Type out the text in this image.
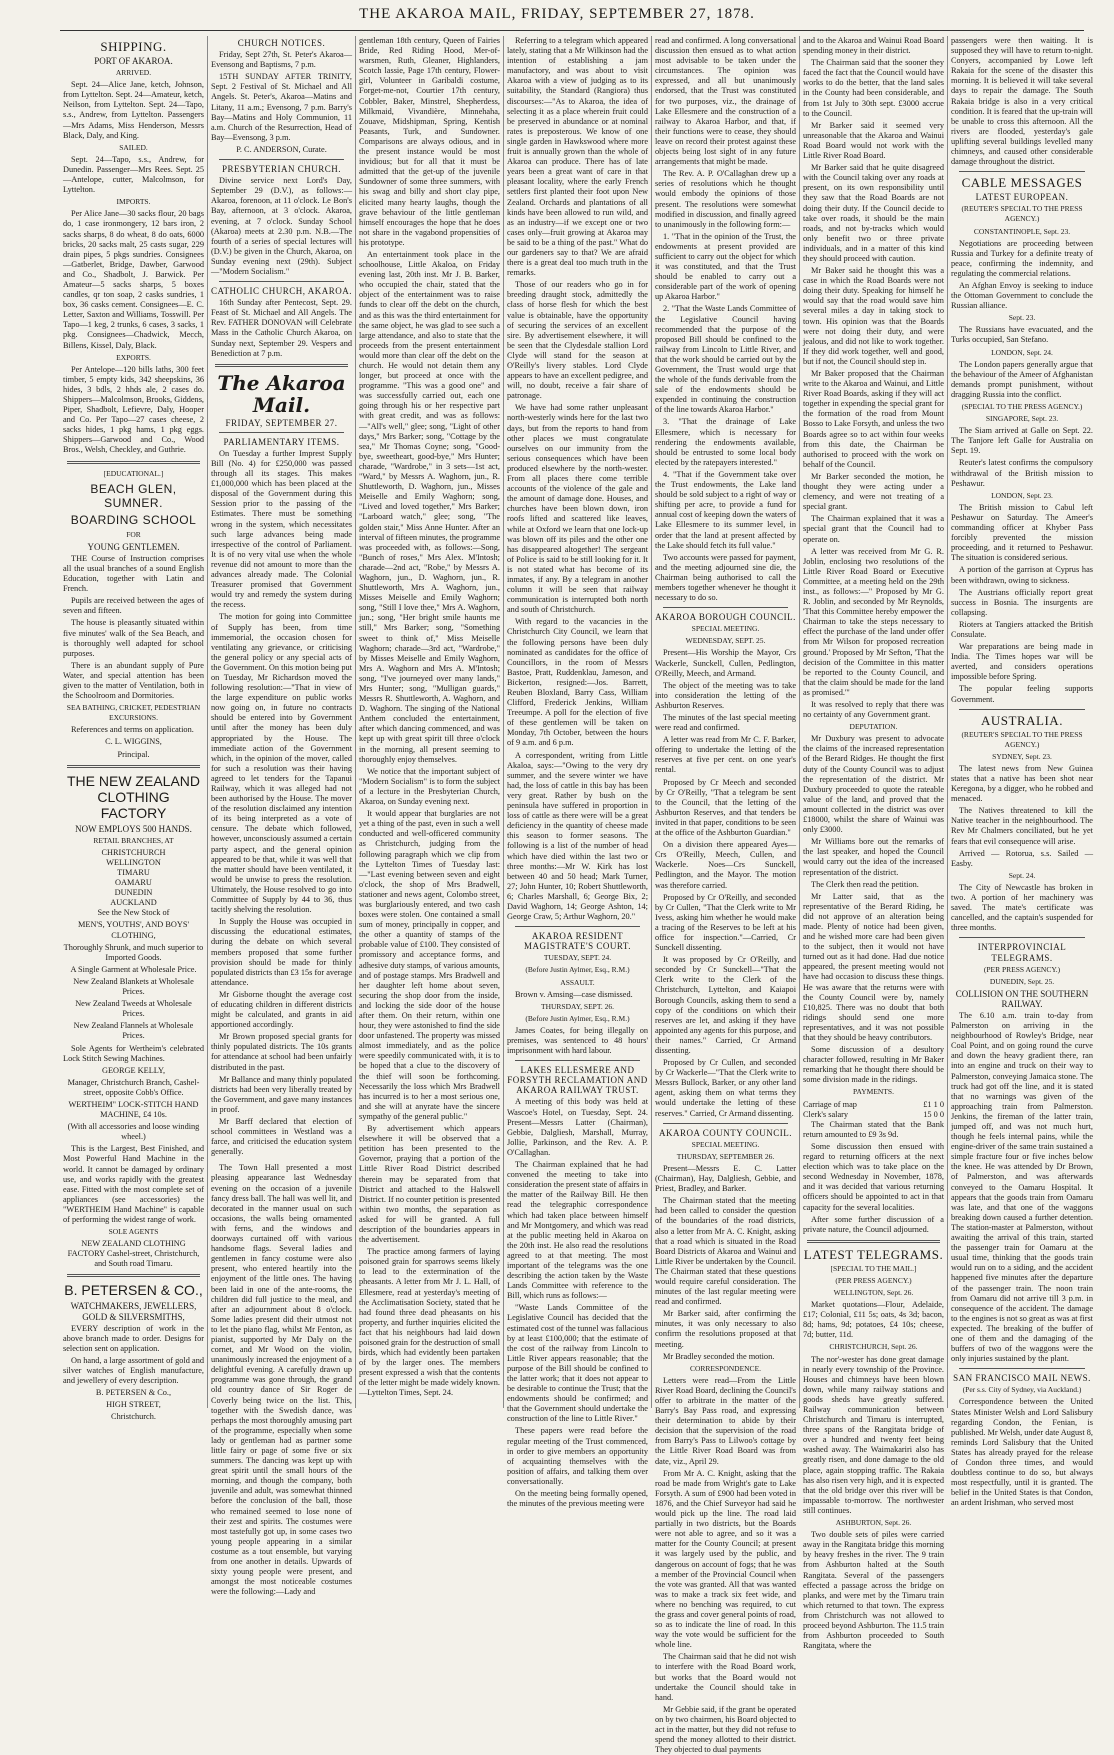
THE AKAROA MAIL, FRIDAY, SEPTEMBER 27, 1878.
SHIPPING.
PORT OF AKAROA.
ARRIVED.

Sept. 24—Alice Jane, ketch, Johnson, from Lyttelton. Sept. 24—Amateur, ketch, Neilson, from Lyttelton. Sept. 24—Tapo, s.s., Andrew, from Lyttelton. Passengers—Mrs Adams, Miss Henderson, Messrs Black, Daly, and King.

SAILED.

Sept. 24—Tapo, s.s., Andrew, for Dunedin. Passenger—Mrs Rees. Sept. 25—Antelope, cutter, Malcolmson, for Lyttelton.

IMPORTS.

Per Alice Jane—30 sacks flour, 20 bags do, 1 case ironmongery, 12 bars iron, 2 sacks sharps, 8 do wheat, 8 do oats, 6000 bricks, 20 sacks malt, 25 casts sugar, 229 drain pipes, 5 pkgs sundries. Consignees—Gatberlet, Bridge, Dawber, Garwood and Co., Shadbolt, J. Barwick. Per Amateur—5 sacks sharps, 5 boxes candles, qr ton soap, 2 casks sundries, 1 box, 36 casks cement. Consignees—E. C. Letter, Saxton and Williams, Tosswill. Per Tapo—1 keg, 2 trunks, 6 cases, 3 sacks, 1 pkg. Consignees—Chadwick, Mecch, Billens, Kissel, Daly, Black.

EXPORTS.

Per Antelope—120 bills laths, 300 feet timber, 5 empty kids, 342 sheepskins, 36 hides, 3 bdls, 2 hhds ale, 2 cases do. Shippers—Malcolmson, Brooks, Giddens, Piper, Shadbolt, Lefievre, Daly, Hooper and Co. Per Tapo—27 cases cheese, 2 sacks hides, 1 pkg hams, 1 pkg eggs. Shippers—Garwood and Co., Wood Bros., Welsh, Checkley, and Guthrie.

[EDUCATIONAL.]
BEACH GLEN, SUMNER.
BOARDING SCHOOL
FOR
YOUNG GENTLEMEN.

THE Course of Instruction comprises all the usual branches of a sound English Education, together with Latin and French.

Pupils are received between the ages of seven and fifteen.

The house is pleasantly situated within five minutes' walk of the Sea Beach, and is thoroughly well adapted for school purposes.

There is an abundant supply of Pure Water, and special attention has been given to the matter of Ventilation, both in the Schoolroom and Dormitories.

SEA BATHING, CRICKET, PEDESTRIAN EXCURSIONS.

References and terms on application.

C. L. WIGGINS,

Principal.

THE NEW ZEALAND CLOTHING FACTORY
NOW EMPLOYS 500 HANDS.
RETAIL BRANCHES, AT
CHRISTCHURCH
WELLINGTON
TIMARU
OAMARU
DUNEDIN
AUCKLAND

See the New Stock of

MEN'S, YOUTHS', AND BOYS' CLOTHING,

Thoroughly Shrunk, and much superior to Imported Goods.

A Single Garment at Wholesale Price.

New Zealand Blankets at Wholesale Prices.

New Zealand Tweeds at Wholesale Prices.

New Zealand Flannels at Wholesale Prices.

Sole Agents for Wertheim's celebrated Lock Stitch Sewing Machines.

GEORGE KELLY,

Manager, Christchurch Branch, Cashel-street, opposite Cobb's Office.

WERTHEIM" LOCK-STITCH HAND MACHINE, £4 10s.

(With all accessories and loose winding wheel.)

This is the Largest, Best Finished, and Most Powerful Hand Machine in the world. It cannot be damaged by ordinary use, and works rapidly with the greatest ease. Fitted with the most complete set of appliances (see accessories) the "WERTHEIM Hand Machine" is capable of performing the widest range of work.

SOLE AGENTS

NEW ZEALAND CLOTHING FACTORY Cashel-street, Christchurch, and South road Timaru.

B. PETERSEN & CO.,
WATCHMAKERS, JEWELLERS, GOLD & SILVERSMITHS,

EVERY description of work in the above branch made to order. Designs for selection sent on application.

On hand, a large assortment of gold and silver watches of English manufacture, and jewellery of every description.

B. PETERSEN & Co.,

HIGH STREET,

Christchurch.

CHURCH NOTICES.

Friday, Sept 27th, St. Peter's Akaroa—Evensong and Baptisms, 7 p.m.

15TH SUNDAY AFTER TRINITY, Sept. 2 Festival of St. Michael and All Angels. St. Peter's, Akaroa—Matins and Litany, 11 a.m.; Evensong, 7 p.m. Barry's Bay—Matins and Holy Communion, 11 a.m. Church of the Resurrection, Head of Bay—Evensong, 3 p.m.

P. C. ANDERSON, Curate.

PRESBYTERIAN CHURCH.

Divine service next Lord's Day, September 29 (D.V.), as follows:—Akaroa, forenoon, at 11 o'clock. Le Bon's Bay, afternoon, at 3 o'clock. Akaroa, evening, at 7 o'clock. Sunday School (Akaroa) meets at 2.30 p.m. N.B.—The fourth of a series of special lectures will (D.V.) be given in the Church, Akaroa, on Sunday evening next (29th). Subject—"Modern Socialism."

CATHOLIC CHURCH, AKAROA.

16th Sunday after Pentecost, Sept. 29. Feast of St. Michael and All Angels. The Rev. FATHER DONOVAN will Celebrate Mass in the Catholic Church Akaroa, on Sunday next, September 29. Vespers and Benediction at 7 p.m.

The Akaroa Mail.
FRIDAY, SEPTEMBER 27.
PARLIAMENTARY ITEMS.

On Tuesday a further Imprest Supply Bill (No. 4) for £250,000 was passed through all its stages. This makes £1,000,000 which has been placed at the disposal of the Government during this Session prior to the passing of the Estimates. There must be something wrong in the system, which necessitates such large advances being made irrespective of the control of Parliament. It is of no very vital use when the whole revenue did not amount to more than the advances already made. The Colonial Treasurer promised that Government would try and remedy the system during the recess.

The motion for going into Committee of Supply has been, from time immemorial, the occasion chosen for ventilating any grievance, or criticising the general policy or any special acts of the Government. On this motion being put on Tuesday, Mr Richardson moved the following resolution:—"That in view of the large expenditure on public works now going on, in future no contracts should be entered into by Government until after the money has been duly appropriated by the House. The immediate action of the Government which, in the opinion of the mover, called for such a resolution was their having agreed to let tenders for the Tapanui Railway, which it was alleged had not been authorised by the House. The mover of the resolution disclaimed any intention of its being interpreted as a vote of censure. The debate which followed, however, unconsciously assumed a certain party aspect, and the general opinion appeared to be that, while it was well that the matter should have been ventilated, it would be unwise to press the resolution. Ultimately, the House resolved to go into Committee of Supply by 44 to 36, thus tacitly shelving the resolution.

In Supply the House was occupied in discussing the educational estimates, during the debate on which several members proposed that some further provision should be made for thinly populated districts than £3 15s for average attendance.

Mr Gisborne thought the average cost of educating children in different districts might be calculated, and grants in aid apportioned accordingly.

Mr Brown proposed special grants for thinly populated districts. The 10s grants for attendance at school had been unfairly distributed in the past.

Mr Ballance and many thinly populated districts had been very liberally treated by the Government, and gave many instances in proof.

Mr Barff declared that election of school committees in Westland was a farce, and criticised the education system generally.

The Town Hall presented a most pleasing appearance last Wednesday evening on the occasion of a juvenile fancy dress ball. The hall was well lit, and decorated in the manner usual on such occasions, the walls being ornamented with ferns, and the windows and doorways curtained off with various handsome flags. Several ladies and gentlemen in fancy costume were also present, who entered heartily into the enjoyment of the little ones. The having been laid in one of the ante-rooms, the children did full justice to the meal, and after an adjournment about 8 o'clock. Some ladies present did their utmost not to let the piano flag, whilst Mr Fenton, as pianist, supported by Mr Daly on the cornet, and Mr Wood on the violin, unanimously increased the enjoyment of a delightful evening. A carefully drawn up programme was gone through, the grand old country dance of Sir Roger de Coverly being twice on the list. This, together with the Swedish dance, was perhaps the most thoroughly amusing part of the programme, especially when some lady or gentleman had as partner some little fairy or page of some five or six summers. The dancing was kept up with great spirit until the small hours of the morning, and though the company, both juvenile and adult, was somewhat thinned before the conclusion of the ball, those who remained seemed to lose none of their zest and spirits. The costumes were most tastefully got up, in some cases two young people appearing in a similar costume as a tout ensemble, but varying from one another in details. Upwards of sixty young people were present, and amongst the most noticeable costumes were the following:—Lady and

gentleman 18th century, Queen of Fairies Bride, Red Riding Hood, Mer-of-warsmen, Ruth, Gleaner, Highlanders, Scotch lassie, Page 17th century, Flower-girl, Volunteer in Garibaldi costume, Forget-me-not, Courtier 17th century, Cobbler, Baker, Minstrel, Shepherdess, Milkmaid, Vivandière, Minnehaha, Zouave, Midshipman, Spring, Kentish Peasants, Turk, and Sundowner. Comparisons are always odious, and in the present instance would be most invidious; but for all that it must be admitted that the get-up of the juvenile Sundowner of some three summers, with his swag and billy and short clay pipe, elicited many hearty laughs, though the grave behaviour of the little gentleman himself encourages the hope that he does not share in the vagabond propensities of his prototype.

An entertainment took place in the schoolhouse, Little Akaloa, on Friday evening last, 20th inst. Mr J. B. Barker, who occupied the chair, stated that the object of the entertainment was to raise funds to clear off the debt on the church, and as this was the third entertainment for the same object, he was glad to see such a large attendance, and also to state that the proceeds from the present entertainment would more than clear off the debt on the church. He would not detain them any longer, but proceed at once with the programme. "This was a good one" and was successfully carried out, each one going through his or her respective part with great credit, and was as follows:—"All's well," glee; song, "Light of other days," Mrs Barker; song, "Cottage by the sea," Mr Thomas Coyne; song, "Good-bye, sweetheart, good-bye," Mrs Hunter; charade, "Wardrobe," in 3 sets—1st act, "Ward," by Messrs A. Waghorn, jun., R. Shuttleworth, D. Waghorn, jun., Misses Meiselle and Emily Waghorn; song, "Lived and loved together," Mrs Barker; "Larboard watch," glee; song, "The golden stair," Miss Anne Hunter. After an interval of fifteen minutes, the programme was proceeded with, as follows:—Song, "Bunch of roses," Mrs Alex. M'Intosh; charade—2nd act, "Robe," by Messrs A. Waghorn, jun., D. Waghorn, jun., R. Shuttleworth, Mrs A. Waghorn, jun., Misses Meiselle and Emily Waghorn; song, "Still I love thee," Mrs A. Waghorn, jun.; song, "Her bright smile haunts me still," Mrs Barker; song, "Something sweet to think of," Miss Meiselle Waghorn; charade—3rd act, "Wardrobe," by Misses Meiselle and Emily Waghorn, Mrs A. Waghorn and Mrs A. M'Intosh; song, "I've journeyed over many lands," Mrs Hunter; song, "Mulligan guards," Messrs R. Shuttleworth, A. Waghorn, and D. Waghorn. The singing of the National Anthem concluded the entertainment, after which dancing commenced, and was kept up with great spirit till three o'clock in the morning, all present seeming to thoroughly enjoy themselves.

We notice that the important subject of "Modern Socialism" is to form the subject of a lecture in the Presbyterian Church, Akaroa, on Sunday evening next.

It would appear that burglaries are not yet a thing of the past, even in such a well conducted and well-officered community as Christchurch, judging from the following paragraph which we clip from the Lyttelton Times of Tuesday last:—"Last evening between seven and eight o'clock, the shop of Mrs Bradwell, stationer and news agent, Colombo street, was burglariously entered, and two cash boxes were stolen. One contained a small sum of money, principally in copper, and the other a quantity of stamps of the probable value of £100. They consisted of promissory and acceptance forms, and adhesive duty stamps, of various amounts, and of postage stamps. Mrs Bradwell and her daughter left home about seven, securing the shop door from the inside, and locking the side door of the house after them. On their return, within one hour, they were astonished to find the side door unfastened. The property was missed almost immediately, and as the police were speedily communicated with, it is to be hoped that a clue to the discovery of the thief will soon be forthcoming. Necessarily the loss which Mrs Bradwell has incurred is to her a most serious one, and she will at anyrate have the sincere sympathy of the general public."

By advertisement which appears elsewhere it will be observed that a petition has been presented to the Governor, praying that a portion of the Little River Road District described therein may be separated from that District and attached to the Halswell District. If no counter petition is presented within two months, the separation as asked for will be granted. A full description of the boundaries appears in the advertisement.

The practice among farmers of laying poisoned grain for sparrows seems likely to lead to the extermination of the pheasants. A letter from Mr J. L. Hall, of Ellesmere, read at yesterday's meeting of the Acclimatisation Society, stated that he had found three dead pheasants on his property, and further inquiries elicited the fact that his neighbours had laid down poisoned grain for the destruction of small birds, which had evidently been partaken of by the larger ones. The members present expressed a wish that the contents of the letter might be made widely known.—Lyttelton Times, Sept. 24.

Referring to a telegram which appeared lately, stating that a Mr Wilkinson had the intention of establishing a jam manufactory, and was about to visit Akaroa with a view of judging as to its suitability, the Standard (Rangiora) thus discourses:—"As to Akaroa, the idea of selecting it as a place wherein fruit could be preserved in abundance or at nominal rates is preposterous. We know of one single garden in Hawkswood where more fruit is annually grown than the whole of Akaroa can produce. There has of late years been a great want of care in that pleasant locality, where the early French settlers first planted their foot upon New Zealand. Orchards and plantations of all kinds have been allowed to run wild, and as an industry—if we except one or two cases only—fruit growing at Akaroa may be said to be a thing of the past." What do our gardeners say to that? We are afraid there is a great deal too much truth in the remarks.

Those of our readers who go in for breeding draught stock, admittedly the class of horse flesh for which the best value is obtainable, have the opportunity of securing the services of an excellent sire. By advertisement elsewhere, it will be seen that the Clydesdale stallion Lord Clyde will stand for the season at O'Reilly's livery stables. Lord Clyde appears to have an excellent pedigree, and will, no doubt, receive a fair share of patronage.

We have had some rather unpleasant north-westerly winds here for the last two days, but from the reports to hand from other places we must congratulate ourselves on our immunity from the serious consequences which have been produced elsewhere by the north-wester. From all places there come terrible accounts of the violence of the gale and the amount of damage done. Houses, and churches have been blown down, iron roofs lifted and scattered like leaves, while at Oxford we learn that one lock-up was blown off its piles and the other one has disappeared altogether! The sergeant of Police is said to be still looking for it. It is not stated what has become of its inmates, if any. By a telegram in another column it will be seen that railway communication is interrupted both north and south of Christchurch.

With regard to the vacancies in the Christchurch City Council, we learn that the following persons have been duly nominated as candidates for the office of Councillors, in the room of Messrs Bastoe, Pratt, Ruddenklau, Jameson, and Bickerton, resigned:—Jos. Barrett, Reuben Bloxland, Barry Cass, William Clifford, Frederick Jenkins, William Treeumpe. A poll for the election of five of these gentlemen will be taken on Monday, 7th October, between the hours of 9 a.m. and 6 p.m.

A correspondent, writing from Little Akaloa, says:—"Owing to the very dry summer, and the severe winter we have had, the loss of cattle in this bay has been very great. Rather by bush on the peninsula have suffered in proportion in loss of cattle as there were will be a great deficiency in the quantity of cheese made this season to former seasons. The following is a list of the number of head which have died within the last two or three months:—Mr W. Kirk has lost between 40 and 50 head; Mark Turner, 27; John Hunter, 10; Robert Shuttleworth, 6; Charles Marshall, 6; George Bix, 2; David Waghorn, 14; George Ashton, 14; George Craw, 5; Arthur Waghorn, 20."

AKAROA RESIDENT MAGISTRATE'S COURT.
TUESDAY, SEPT. 24.
(Before Justin Aylmer, Esq., R.M.)
ASSAULT.

Brown v. Amsing—case dismissed.

THURSDAY, SEPT. 26.
(Before Justin Aylmer, Esq., R.M.)

James Coates, for being illegally on premises, was sentenced to 48 hours' imprisonment with hard labour.

LAKES ELLESMERE AND FORSYTH RECLAMATION AND AKAROA RAILWAY TRUST.

A meeting of this body was held at Wascoe's Hotel, on Tuesday, Sept. 24. Present—Messrs Latter (Chairman), Gebbie, Dalgliesh, Marshall, Murray, Jollie, Parkinson, and the Rev. A. P. O'Callaghan.

The Chairman explained that he had convened the meeting to take into consideration the present state of affairs in the matter of the Railway Bill. He then read the telegraphic correspondence which had taken place between himself and Mr Montgomery, and which was read at the public meeting held in Akaroa on the 20th inst. He also read the resolutions agreed to at that meeting. The most important of the telegrams was the one describing the action taken by the Waste Lands Committee with reference to the Bill, which runs as follows:—

"Waste Lands Committee of the Legislative Council has decided that the estimated cost of the tunnel was fallacious by at least £100,000; that the estimate of the cost of the railway from Lincoln to Little River appears reasonable; that the purpose of the Bill should be confined to the latter work; that it does not appear to be desirable to continue the Trust; that the endowments should be confirmed; and that the Government should undertake the construction of the line to Little River."

These papers were read before the regular meeting of the Trust commenced, in order to give members an opportunity of acquainting themselves with the position of affairs, and talking them over conversationally.

On the meeting being formally opened, the minutes of the previous meeting were

read and confirmed. A long conversational discussion then ensued as to what action most advisable to be taken under the circumstances. The opinion was expressed, and all but unanimously endorsed, that the Trust was constituted for two purposes, viz., the drainage of Lake Ellesmere and the construction of a railway to Akaroa Harbor, and that, if their functions were to cease, they should leave on record their protest against these objects being lost sight of in any future arrangements that might be made.

The Rev. A. P. O'Callaghan drew up a series of resolutions which he thought would embody the opinions of those present. The resolutions were somewhat modified in discussion, and finally agreed to unanimously in the following form:—

1. "That in the opinion of the Trust, the endowments at present provided are sufficient to carry out the object for which it was constituted, and that the Trust should be enabled to carry out a considerable part of the work of opening up Akaroa Harbor."

2. "That the Waste Lands Committee of the Legislative Council having recommended that the purpose of the proposed Bill should be confined to the railway from Lincoln to Little River, and that the work should be carried out by the Government, the Trust would urge that the whole of the funds derivable from the sale of the endowments should be expended in continuing the construction of the line towards Akaroa Harbor."

3. "That the drainage of Lake Ellesmere, which is necessary for rendering the endowments available, should be entrusted to some local body elected by the ratepayers interested."

4. "That if the Government take over the Trust endowments, the Lake land should be sold subject to a right of way or shifting per acre, to provide a fund for annual cost of keeping down the waters of Lake Ellesmere to its summer level, in order that the land at present affected by the Lake should fetch its full value."

Two accounts were passed for payment, and the meeting adjourned sine die, the Chairman being authorised to call the members together whenever he thought it necessary to do so.

AKAROA BOROUGH COUNCIL.
SPECIAL MEETING.
WEDNESDAY, SEPT. 25.

Present—His Worship the Mayor, Crs Wackerle, Sunckell, Cullen, Pedlington, O'Reilly, Meech, and Armand.

The object of the meeting was to take into consideration the letting of the Ashburton Reserves.

The minutes of the last special meeting were read and confirmed.

A letter was read from Mr C. F. Barker, offering to undertake the letting of the reserves at five per cent. on one year's rental.

Proposed by Cr Meech and seconded by Cr O'Reilly, "That a telegram be sent to the Council, that the letting of the Ashburton Reserves, and that tenders be invited in that paper, conditions to be seen at the office of the Ashburton Guardian."

On a division there appeared Ayes—Crs O'Reilly, Meech, Cullen, and Wackerle. Noes—Crs Sunckell, Pedlington, and the Mayor. The motion was therefore carried.

Proposed by Cr O'Reilly, and seconded by Cr Cullen, "That the Clerk write to Mr Ivess, asking him whether he would make a tracing of the Reserves to be left at his office for inspection."—Carried, Cr Sunckell dissenting.

It was proposed by Cr O'Reilly, and seconded by Cr Sunckell—"That the Clerk write to the Clerk of the Christchurch, Lyttelton, and Kaiapoi Borough Councils, asking them to send a copy of the conditions on which their reserves are let, and asking if they have appointed any agents for this purpose, and their names." Carried, Cr Armand dissenting.

Proposed by Cr Cullen, and seconded by Cr Wackerle—"That the Clerk write to Messrs Bullock, Barker, or any other land agent, asking them on what terms they would undertake the letting of these reserves." Carried, Cr Armand dissenting.

AKAROA COUNTY COUNCIL.
SPECIAL MEETING.
THURSDAY, SEPTEMBER 26.

Present—Messrs E. C. Latter (Chairman), Hay, Dalgliesh, Gebbie, and Priest, Bradley, and Barker.

The Chairman stated that the meeting had been called to consider the question of the boundaries of the road districts, also a letter from Mr A. C. Knight, asking that a road which is situated in the Road Board Districts of Akaroa and Wainui and Little River be undertaken by the Council. The Chairman stated that these questions would require careful consideration. The minutes of the last regular meeting were read and confirmed.

Mr Barker said, after confirming the minutes, it was only necessary to also confirm the resolutions proposed at that meeting.

Mr Bradley seconded the motion.

CORRESPONDENCE.

Letters were read—From the Little River Road Board, declining the Council's offer to arbitrate in the matter of the Barry's Bay Pass road, and expressing their determination to abide by their decision that the supervision of the road from Barry's Pass to Lilwoo's cottage by the Little River Road Board was from date, viz., April 29.

From Mr A. C. Knight, asking that the road be made from Wright's gate to Lake Forsyth. A sum of £900 had been voted in 1876, and the Chief Surveyor had said he would pick up the line. The road laid partially in two districts, but the Boards were not able to agree, and so it was a matter for the County Council; at present it was largely used by the public, and dangerous on account of fogs; that he was a member of the Provincial Council when the vote was granted. All that was wanted was to make a track six feet wide, and where no benching was required, to cut the grass and cover general points of road, so as to indicate the line of road. In this way the vote would be sufficient for the whole line.

The Chairman said that he did not wish to interfere with the Road Board work, but works that the Board would not undertake the Council should take in hand.

Mr Gebbie said, if the grant be operated on by two chairmen, his Board objected to act in the matter, but they did not refuse to spend the money allotted to their district. They objected to dual payments

and to the Akaroa and Wainui Road Board spending money in their district.

The Chairman said that the sooner they faced the fact that the Council would have works to do the better, that the land sales in the County had been considerable, and from 1st July to 30th sept. £3000 accrue to the Council.

Mr Barker said it seemed very unreasonable that the Akaroa and Wainui Road Board would not work with the Little River Road Board.

Mr Barker said that he quite disagreed with the Council taking over any roads at present, on its own responsibility until they saw that the Road Boards are not doing their duty. If the Council decide to take over roads, it should be the main roads, and not by-tracks which would only benefit two or three private individuals, and in a matter of this kind they should proceed with caution.

Mr Baker said he thought this was a case in which the Road Boards were not doing their duty. Speaking for himself he would say that the road would save him several miles a day in taking stock to town. His opinion was that the Boards were not doing their duty, and were jealous, and did not like to work together. If they did work together, well and good, but if not, the Council should step in.

Mr Baker proposed that the Chairman write to the Akaroa and Wainui, and Little River Road Boards, asking if they will act together in expending the special grant for the formation of the road from Mount Bosso to Lake Forsyth, and unless the two Boards agree so to act within four weeks from this date, the Chairman be authorised to proceed with the work on behalf of the Council.

Mr Barker seconded the motion, he thought they were acting under a clemency, and were not treating of a special grant.

The Chairman explained that it was a special grant that the Council had to operate on.

A letter was received from Mr G. R. Joblin, enclosing two resolutions of the Little River Road Board or Executive Committee, at a meeting held on the 29th inst., as follows:—" Proposed by Mr G. R. Joblin, and seconded by Mr Reynolds, 'That this Committee hereby empower the Chairman to take the steps necessary to effect the purchase of the land under offer from Mr Wilson for proposed recreation ground.' Proposed by Mr Sefton, 'That the decision of the Committee in this matter be reported to the County Council, and that the claim should be made for the land as promised.'"

It was resolved to reply that there was no certainty of any Government grant.

DEPUTATION.

Mr Duxbury was present to advocate the claims of the increased representation of the Berard Ridges. He thought the first duty of the County Council was to adjust the representation of the district. Mr Duxbury proceeded to quote the rateable value of the land, and proved that the amount collected in the district was over £18000, whilst the share of Wainui was only £3000.

Mr Williams bore out the remarks of the last speaker, and hoped the Council would carry out the idea of the increased representation of the district.

The Clerk then read the petition.

Mr Latter said, that as the representative of the Berard Riding, he did not approve of an alteration being made. Plenty of notice had been given, and he wished more care had been given to the subject, then it would not have turned out as it had done. Had due notice appeared, the present meeting would not have had occasion to discuss these things. He was aware that the returns were with the County Council were by, namely £10,825. There was no doubt that both ridings should send one more representatives, and it was not possible that they should be heavy contributors.

Some discussion of a desultory character followed, resulting in Mr Baker remarking that he thought there should be some division made in the ridings.

PAYMENTS.
Carriage of map	£1 1 0
Clerk's salary	15 0 0

The Chairman stated that the Bank return amounted to £9 3s 9d.

Some discussion then ensued with regard to returning officers at the next election which was to take place on the second Wednesday in November, 1878, and it was decided that various returning officers should be appointed to act in that capacity for the several localities.

After some further discussion of a private nature, the Council adjourned.

LATEST TELEGRAMS.
[SPECIAL TO THE MAIL.]
(PER PRESS AGENCY.)
WELLINGTON, Sept. 26.

Market quotations—Flour, Adelaide, £17; Colonial, £11 5s; oats, 4s 3d; bacon, 8d; hams, 9d; potatoes, £4 10s; cheese, 7d; butter, 11d.

CHRISTCHURCH, Sept. 26.

The nor'-wester has done great damage in nearly every township of the Province. Houses and chimneys have been blown down, while many railway stations and goods sheds have greatly suffered. Railway communication between Christchurch and Timaru is interrupted, three spans of the Rangitata bridge of over a hundred and twenty feet being washed away. The Waimakariri also has greatly risen, and done damage to the old place, again stopping traffic. The Rakaia has also risen very high, and it is expected that the old bridge over this river will be impassable to-morrow. The northwester still continues.

ASHBURTON, Sept. 26.

Two double sets of piles were carried away in the Rangitata bridge this morning by heavy freshes in the river. The 9 train from Ashburton halted at the South Rangitata. Several of the passengers effected a passage across the bridge on planks, and were met by the Timaru train which returned to that town. The express from Christchurch was not allowed to proceed beyond Ashburton. The 11.5 train from Ashburton proceeded to South Rangitata, where the

passengers were then waiting. It is supposed they will have to return to-night. Conyers, accompanied by Lowe left Rakaia for the scene of the disaster this morning. It is believed it will take several days to repair the damage. The South Rakaia bridge is also in a very critical condition. It is feared that the up-train will be unable to cross this afternoon. All the rivers are flooded, yesterday's gale uplifting several buildings levelled many chimneys, and caused other considerable damage throughout the district.

CABLE MESSAGES
LATEST EUROPEAN.
(REUTER'S SPECIAL TO THE PRESS AGENCY.)
CONSTANTINOPLE, Sept. 23.

Negotiations are proceeding between Russia and Turkey for a definite treaty of peace, confirming the indemnity, and regulating the commercial relations.

An Afghan Envoy is seeking to induce the Ottoman Government to conclude the Russian alliance.

Sept. 23.

The Russians have evacuated, and the Turks occupied, San Stefano.

LONDON, Sept. 24.

The London papers generally argue that the behaviour of the Ameer of Afghanistan demands prompt punishment, without dragging Russia into the conflict.

(SPECIAL TO THE PRESS AGENCY.)
SINGAPORE, Sept. 23.

The Siam arrived at Galle on Sept. 22. The Tanjore left Galle for Australia on Sept. 19.

Reuter's latest confirms the compulsory withdrawal of the British mission to Peshawur.

LONDON, Sept. 23.

The British mission to Cabul left Peshawur on Saturday. The Ameer's commanding officer at Khyber Pass forcibly prevented the mission proceeding, and it returned to Peshawur. The situation is considered serious.

A portion of the garrison at Cyprus has been withdrawn, owing to sickness.

The Austrians officially report great success in Bosnia. The insurgents are collapsing.

Rioters at Tangiers attacked the British Consulate.

War preparations are being made in India. The Times hopes war will be averted, and considers operations impossible before Spring.

The popular feeling supports Government.

AUSTRALIA.
(REUTER'S SPECIAL TO THE PRESS AGENCY.)
SYDNEY, Sept. 23.

The latest news from New Guinea states that a native has been shot near Keregona, by a digger, who he robbed and menaced.

The Natives threatened to kill the Native teacher in the neighbourhood. The Rev Mr Chalmers conciliated, but he yet fears that evil consequence will arise.

Arrived — Rotorua, s.s. Sailed — Easby.

Sept. 24.

The City of Newcastle has broken in two. A portion of her machinery was saved. The mate's certificate was cancelled, and the captain's suspended for three months.

INTERPROVINCIAL TELEGRAMS.
(PER PRESS AGENCY.)
DUNEDIN, Sept. 25.
COLLISION ON THE SOUTHERN RAILWAY.

The 6.10 a.m. train to-day from Palmerston on arriving in the neighbourhood of Rowley's Bridge, near Coal Point, and on going round the curve and down the heavy gradient there, ran into an engine and truck on their way to Palmerston, conveying Jamaica stone. The truck had got off the line, and it is stated that no warnings was given of the approaching train from Palmerston. Jenkins, the fireman of the latter train, jumped off, and was not much hurt, though he feels internal pains, while the engine-driver of the same train sustained a simple fracture four or five inches below the knee. He was attended by Dr Brown, of Palmerston, and was afterwards conveyed to the Oamaru Hospital. It appears that the goods train from Oamaru was late, and that one of the waggons breaking down caused a further detention. The station-master at Palmerston, without awaiting the arrival of this train, started the passenger train for Oamaru at the usual time, thinking that the goods train would run on to a siding, and the accident happened five minutes after the departure of the passenger train. The noon train from Oamaru did not arrive till 3 p.m. in consequence of the accident. The damage to the engines is not so great as was at first expected. The breaking of the buffer of one of them and the damaging of the buffers of two of the waggons were the only injuries sustained by the plant.

SAN FRANCISCO MAIL NEWS.
(Per s.s. City of Sydney, via Auckland.)

Correspondence between the United States Minister Welsh and Lord Salisbury regarding Condon, the Fenian, is published. Mr Welsh, under date August 8, reminds Lord Salisbury that the United States has already prayed for the release of Condon three times, and would doubtless continue to do so, but always most respectfully, until it is granted. The belief in the United States is that Condon, an ardent Irishman, who served most
